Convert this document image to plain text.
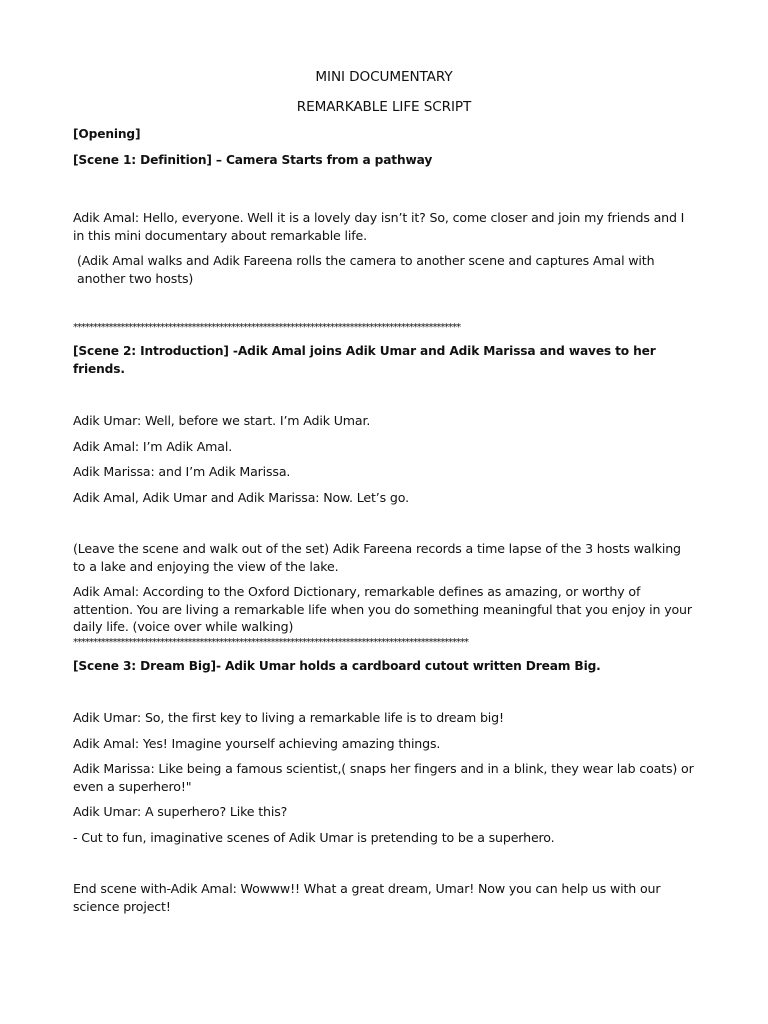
MINI DOCUMENTARY
REMARKABLE LIFE SCRIPT

[Opening]

[Scene 1: Definition] – Camera Starts from a pathway

Adik Amal: Hello, everyone. Well it is a lovely day isn’t it? So, come closer and join my friends and I in this mini documentary about remarkable life.

(Adik Amal walks and Adik Fareena rolls the camera to another scene and captures Amal with another two hosts)

**************************************************************************************************

[Scene 2: Introduction] -Adik Amal joins Adik Umar and Adik Marissa and waves to her friends.

Adik Umar: Well, before we start. I’m Adik Umar.

Adik Amal: I’m Adik Amal.

Adik Marissa: and I’m Adik Marissa.

Adik Amal, Adik Umar and Adik Marissa: Now. Let’s go.

(Leave the scene and walk out of the set) Adik Fareena records a time lapse of the 3 hosts walking to a lake and enjoying the view of the lake.

Adik Amal: According to the Oxford Dictionary, remarkable defines as amazing, or worthy of attention. You are living a remarkable life when you do something meaningful that you enjoy in your daily life. (voice over while walking)

****************************************************************************************************

[Scene 3: Dream Big]- Adik Umar holds a cardboard cutout written Dream Big.

Adik Umar: So, the first key to living a remarkable life is to dream big!

Adik Amal: Yes! Imagine yourself achieving amazing things.

Adik Marissa: Like being a famous scientist,( snaps her fingers and in a blink, they wear lab coats) or even a superhero!"

Adik Umar: A superhero? Like this?

- Cut to fun, imaginative scenes of Adik Umar is pretending to be a superhero.

End scene with-Adik Amal: Wowww!! What a great dream, Umar! Now you can help us with our science project!
